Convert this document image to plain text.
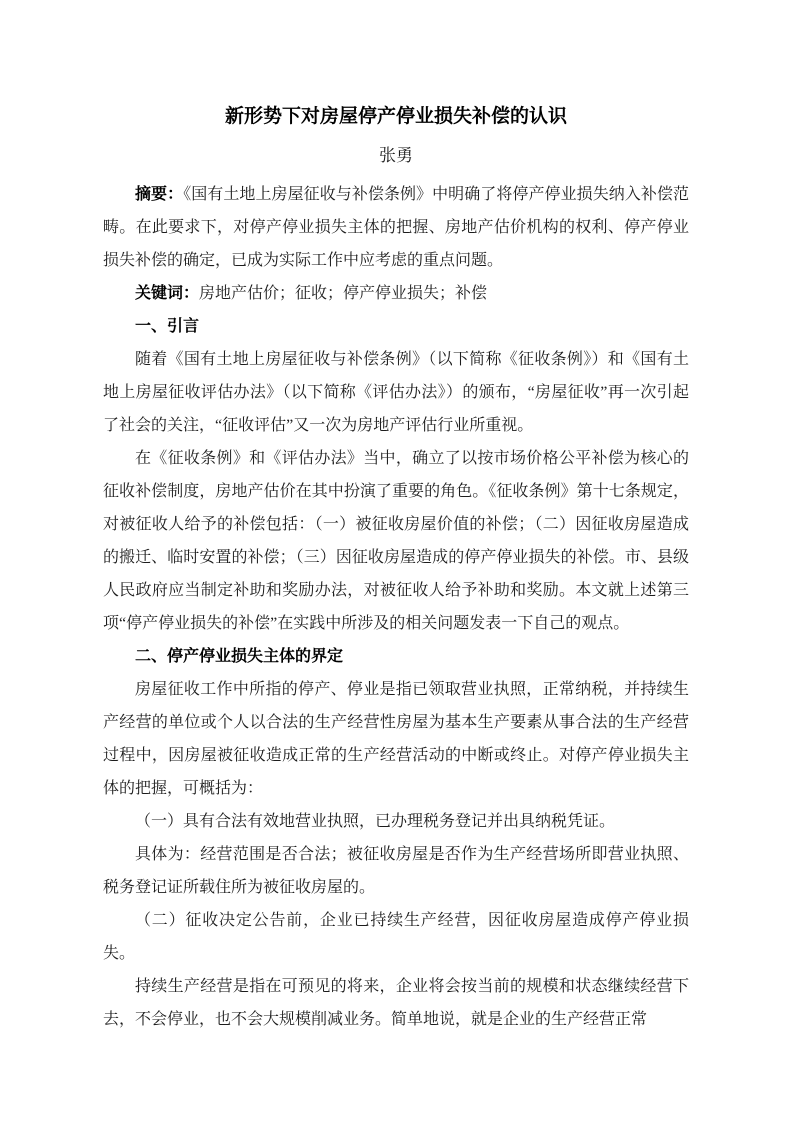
新形势下对房屋停产停业损失补偿的认识
张勇

摘要：《国有土地上房屋征收与补偿条例》中明确了将停产停业损失纳入补偿范畴。在此要求下，对停产停业损失主体的把握、房地产估价机构的权利、停产停业损失补偿的确定，已成为实际工作中应考虑的重点问题。

关键词：房地产估价；征收；停产停业损失；补偿

一、引言

随着《国有土地上房屋征收与补偿条例》（以下简称《征收条例》）和《国有土地上房屋征收评估办法》（以下简称《评估办法》）的颁布，“房屋征收”再一次引起了社会的关注，“征收评估”又一次为房地产评估行业所重视。

在《征收条例》和《评估办法》当中，确立了以按市场价格公平补偿为核心的征收补偿制度，房地产估价在其中扮演了重要的角色。《征收条例》第十七条规定，对被征收人给予的补偿包括：（一）被征收房屋价值的补偿；（二）因征收房屋造成的搬迁、临时安置的补偿；（三）因征收房屋造成的停产停业损失的补偿。市、县级人民政府应当制定补助和奖励办法，对被征收人给予补助和奖励。本文就上述第三项“停产停业损失的补偿”在实践中所涉及的相关问题发表一下自己的观点。

二、停产停业损失主体的界定

房屋征收工作中所指的停产、停业是指已领取营业执照，正常纳税，并持续生产经营的单位或个人以合法的生产经营性房屋为基本生产要素从事合法的生产经营过程中，因房屋被征收造成正常的生产经营活动的中断或终止。对停产停业损失主体的把握，可概括为：

（一）具有合法有效地营业执照，已办理税务登记并出具纳税凭证。

具体为：经营范围是否合法；被征收房屋是否作为生产经营场所即营业执照、税务登记证所载住所为被征收房屋的。

（二）征收决定公告前，企业已持续生产经营，因征收房屋造成停产停业损失。

持续生产经营是指在可预见的将来，企业将会按当前的规模和状态继续经营下去，不会停业，也不会大规模削减业务。简单地说，就是企业的生产经营正常
